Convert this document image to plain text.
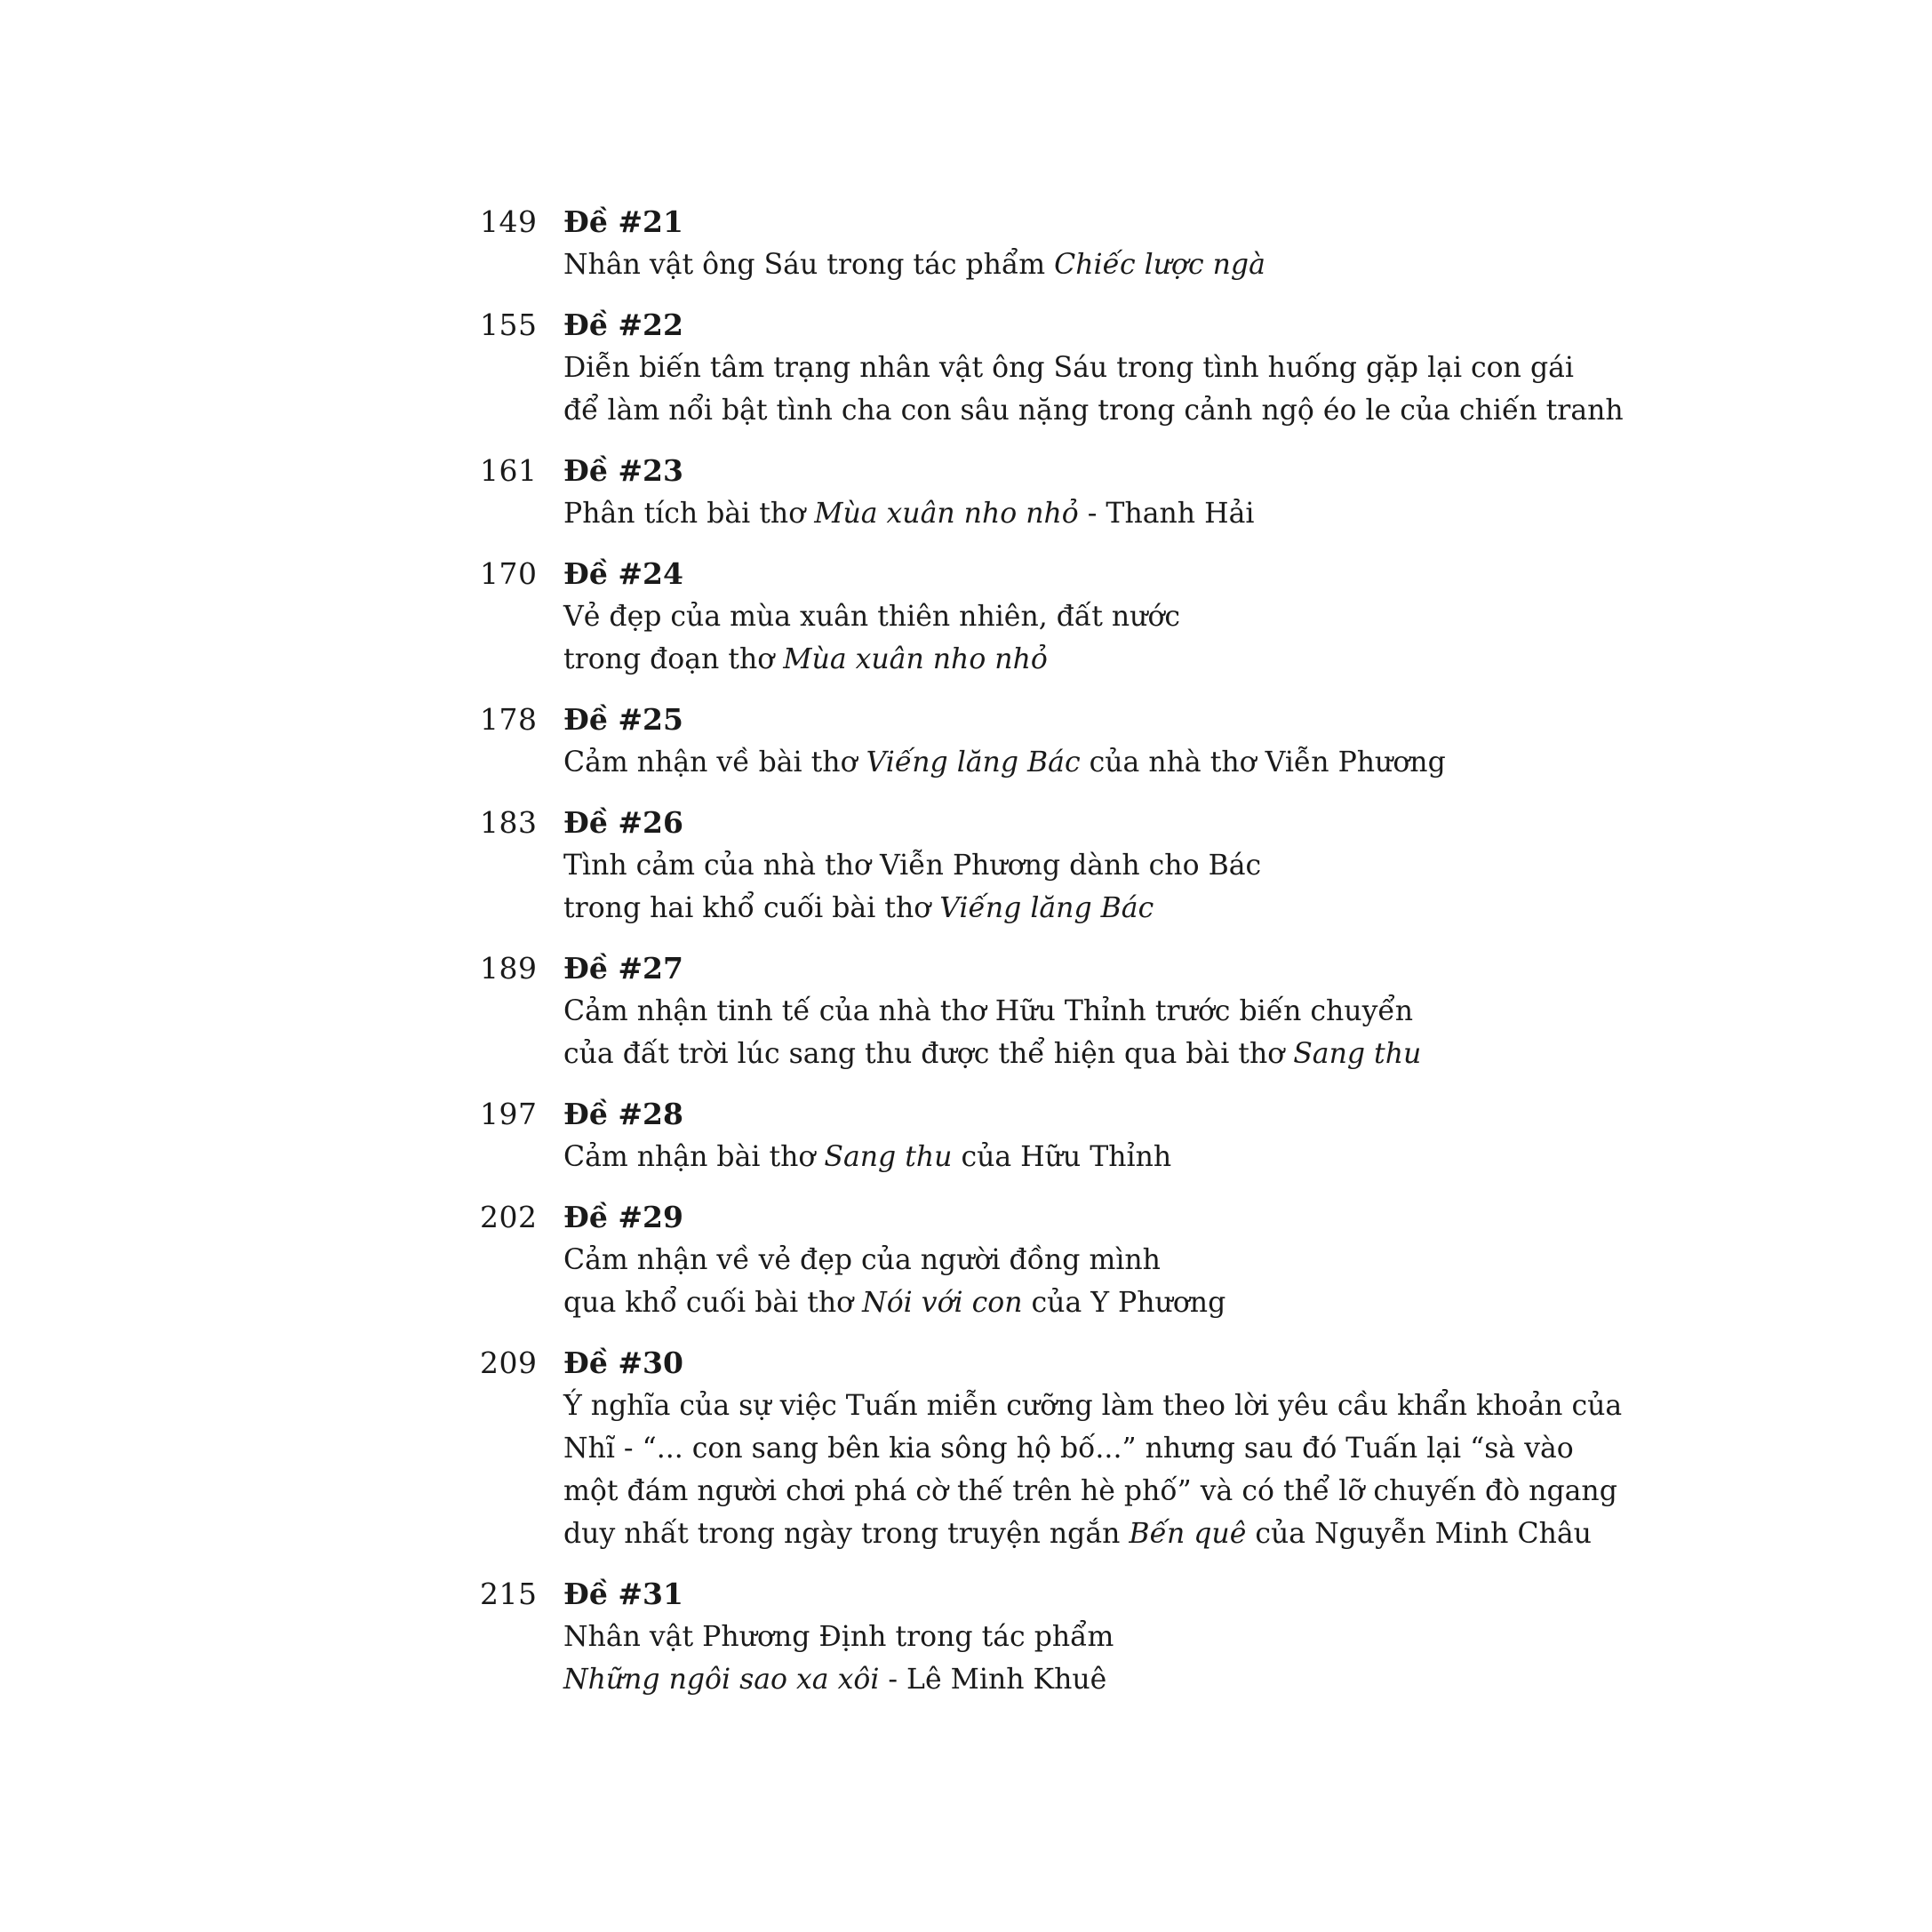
149 Đề #21
Nhân vật ông Sáu trong tác phẩm Chiếc lược ngà
155 Đề #22
Diễn biến tâm trạng nhân vật ông Sáu trong tình huống gặp lại con gái
để làm nổi bật tình cha con sâu nặng trong cảnh ngộ éo le của chiến tranh
161 Đề #23
Phân tích bài thơ Mùa xuân nho nhỏ - Thanh Hải
170 Đề #24
Vẻ đẹp của mùa xuân thiên nhiên, đất nước
trong đoạn thơ Mùa xuân nho nhỏ
178 Đề #25
Cảm nhận về bài thơ Viếng lăng Bác của nhà thơ Viễn Phương
183 Đề #26
Tình cảm của nhà thơ Viễn Phương dành cho Bác
trong hai khổ cuối bài thơ Viếng lăng Bác
189 Đề #27
Cảm nhận tinh tế của nhà thơ Hữu Thỉnh trước biến chuyển
của đất trời lúc sang thu được thể hiện qua bài thơ Sang thu
197 Đề #28
Cảm nhận bài thơ Sang thu của Hữu Thỉnh
202 Đề #29
Cảm nhận về vẻ đẹp của người đồng mình
qua khổ cuối bài thơ Nói với con của Y Phương
209 Đề #30
Ý nghĩa của sự việc Tuấn miễn cưỡng làm theo lời yêu cầu khẩn khoản của
Nhĩ - “... con sang bên kia sông hộ bố...” nhưng sau đó Tuấn lại “sà vào
một đám người chơi phá cờ thế trên hè phố” và có thể lỡ chuyến đò ngang
duy nhất trong ngày trong truyện ngắn Bến quê của Nguyễn Minh Châu
215 Đề #31
Nhân vật Phương Định trong tác phẩm
Những ngôi sao xa xôi - Lê Minh Khuê
